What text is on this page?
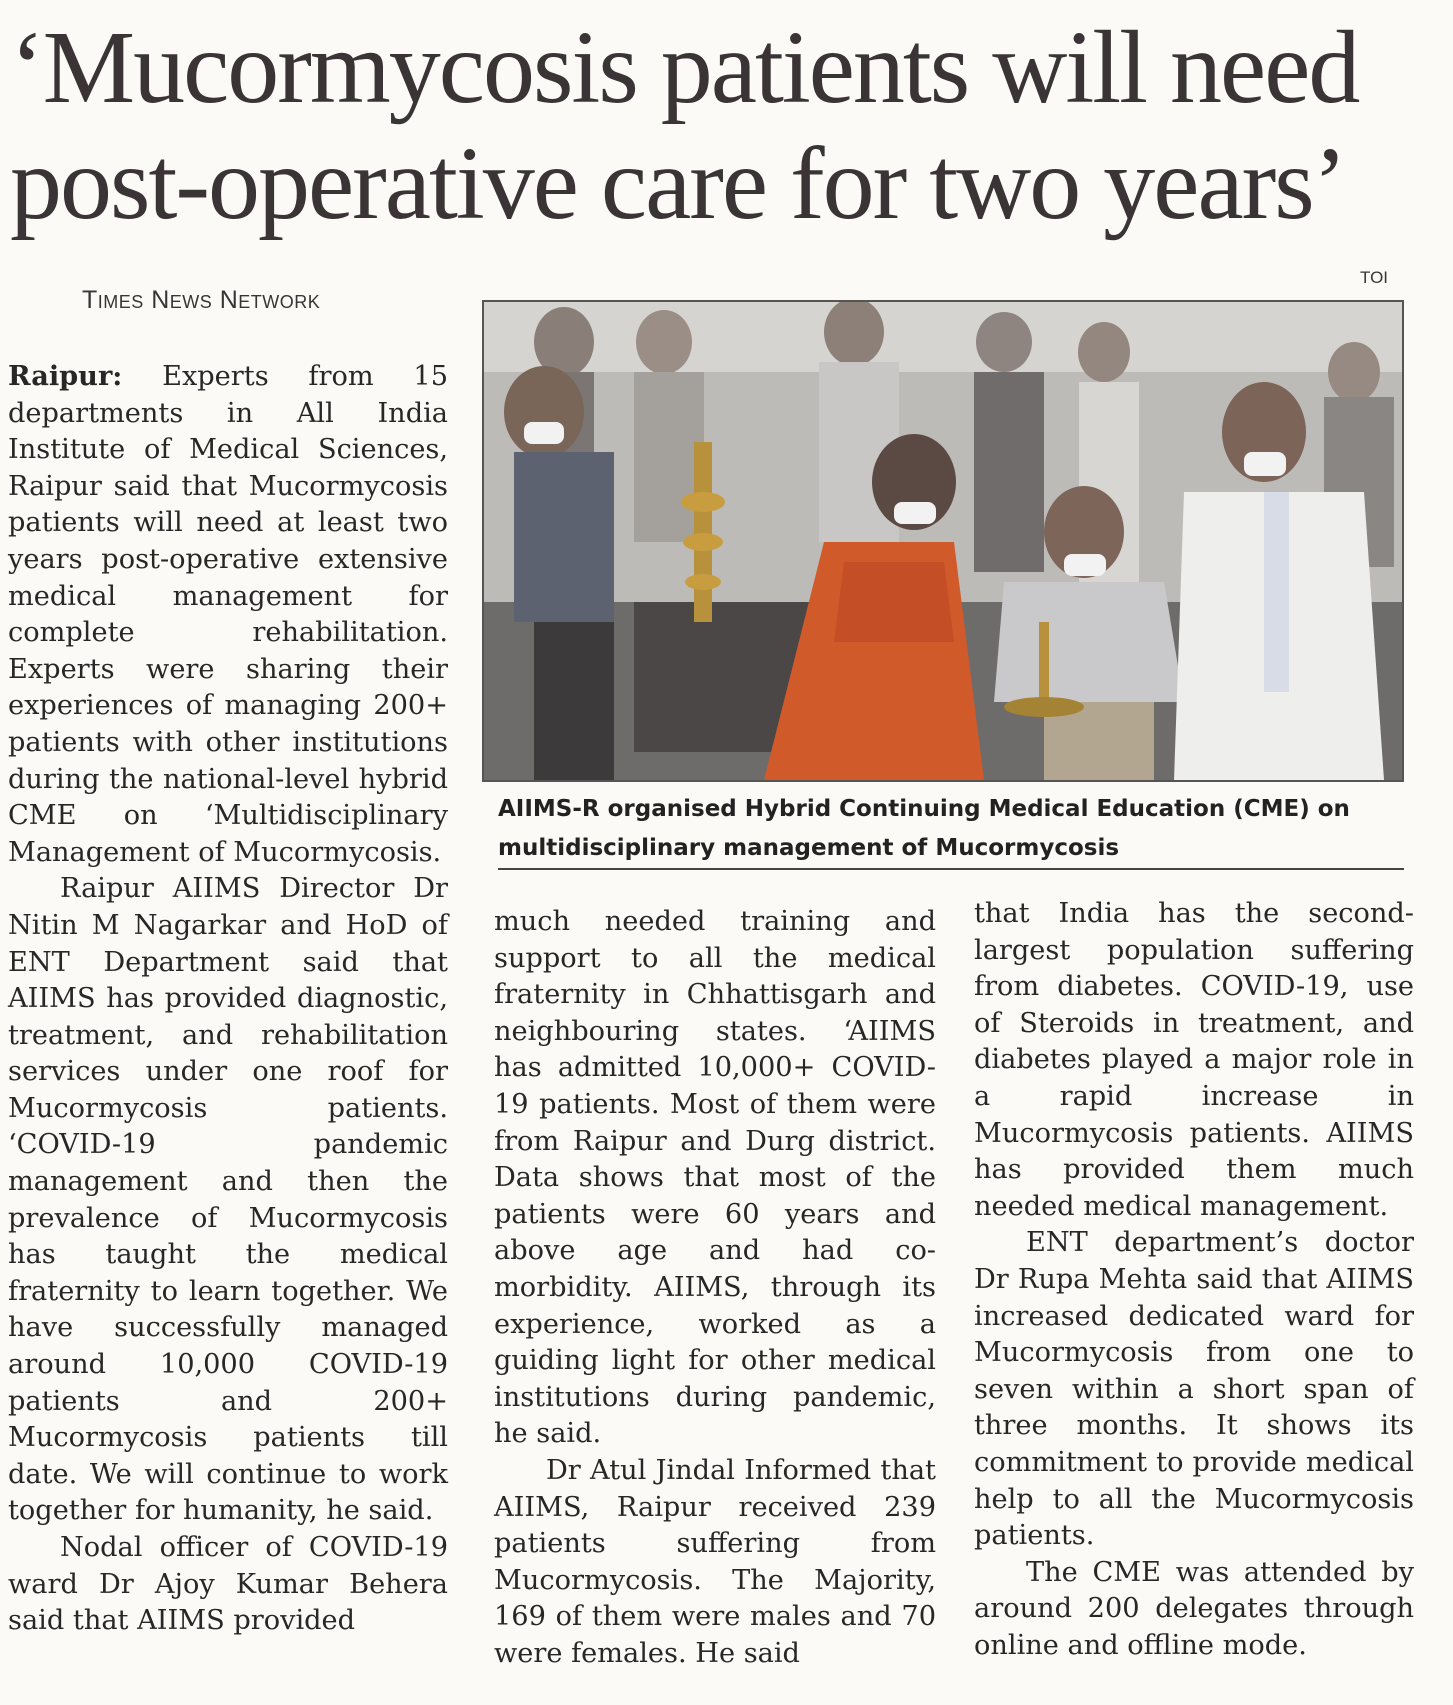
‘Mucormycosis patients will need
post-operative care for two years’
Times News Network
TOI
AIIMS-R organised Hybrid Continuing Medical Education (CME) on
multidisciplinary management of Mucormycosis

Raipur: Experts from 15 departments in All India Institute of Medical Sciences, Raipur said that Mucormycosis patients will need at least two years post-operative extensive medical management for complete rehabilitation. Experts were sharing their experiences of managing 200+ patients with other institutions during the national-level hybrid CME on ‘Multidisciplinary Management of Mucormycosis.

Raipur AIIMS Director Dr Nitin M Nagarkar and HoD of ENT Department said that AIIMS has provided diagnostic, treatment, and rehabilitation services under one roof for Mucormycosis patients. ‘COVID-19 pandemic management and then the prevalence of Mucormycosis has taught the medical fraternity to learn together. We have successfully managed around 10,000 COVID-19 patients and 200+ Mucormycosis patients till date. We will continue to work together for humanity, he said.

Nodal officer of COVID-19 ward Dr Ajoy Kumar Behera said that AIIMS provided

much needed training and support to all the medical fraternity in Chhattisgarh and neighbouring states. ‘AIIMS has admitted 10,000+ COVID-19 patients. Most of them were from Raipur and Durg district. Data shows that most of the patients were 60 years and above age and had co-morbidity. AIIMS, through its experience, worked as a guiding light for other medical institutions during pandemic, he said.

Dr Atul Jindal Informed that AIIMS, Raipur received 239 patients suffering from Mucormycosis. The Majority, 169 of them were males and 70 were females. He said

that India has the second-largest population suffering from diabetes. COVID-19, use of Steroids in treatment, and diabetes played a major role in a rapid increase in Mucormycosis patients. AIIMS has provided them much needed medical management.

ENT department’s doctor Dr Rupa Mehta said that AIIMS increased dedicated ward for Mucormycosis from one to seven within a short span of three months. It shows its commitment to provide medical help to all the Mucormycosis patients.

The CME was attended by around 200 delegates through online and offline mode.
